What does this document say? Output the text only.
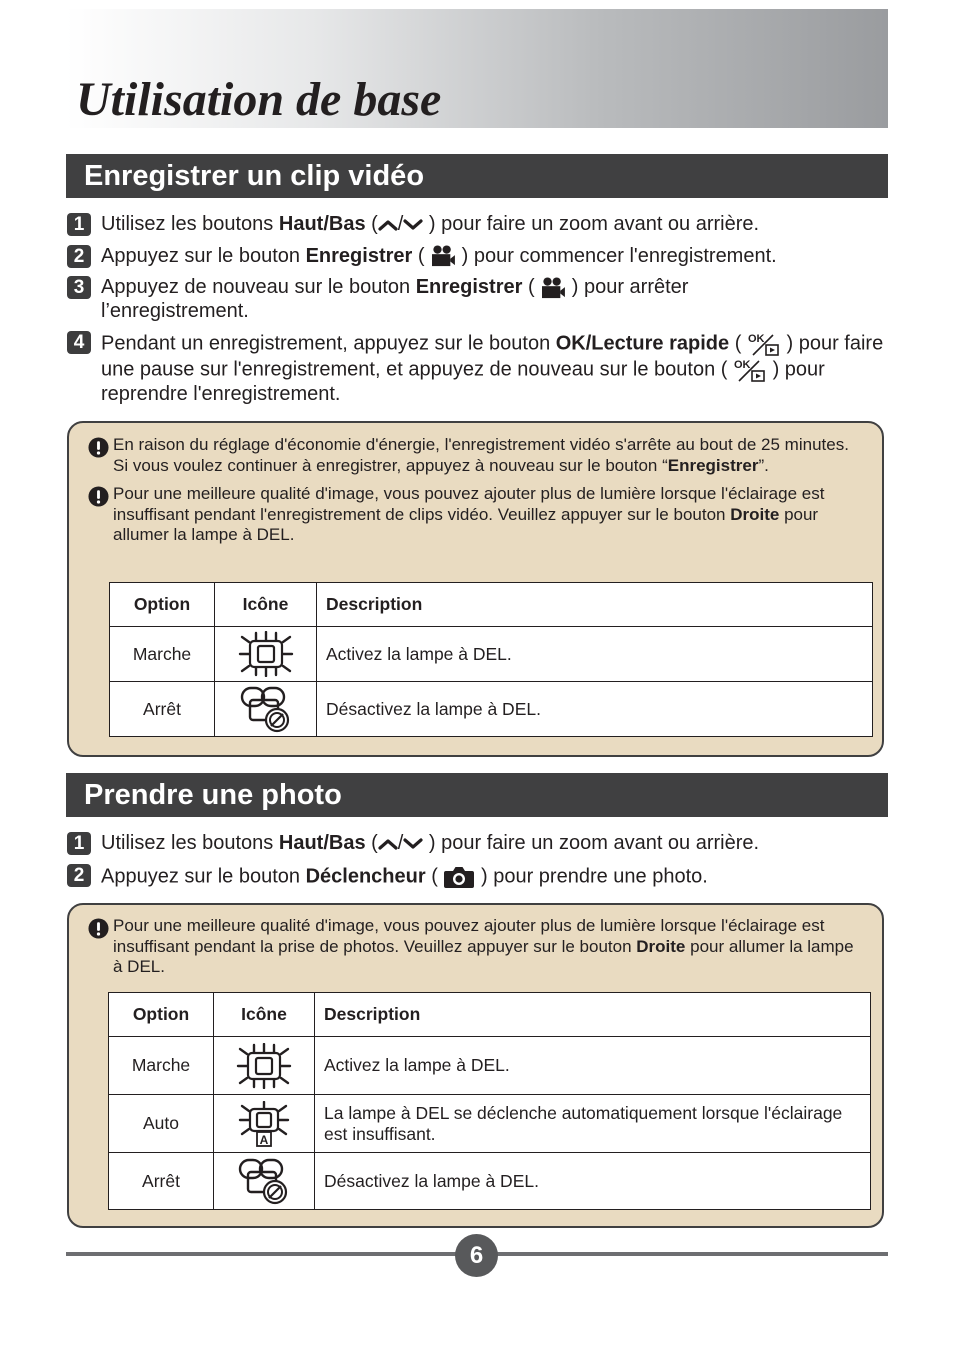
Utilisation de base
Enregistrer un clip vidéo
1 Utilisez les boutons Haut/Bas ( / ) pour faire un zoom avant ou arrière.
2 Appuyez sur le bouton Enregistrer ( ) pour commencer l'enregistrement.
3 Appuyez de nouveau sur le bouton Enregistrer ( ) pour arrêter l’enregistrement.
4 Pendant un enregistrement, appuyez sur le bouton OK/Lecture rapide ( ) pour faire une pause sur l'enregistrement, et appuyez de nouveau sur le bouton ( ) pour reprendre l'enregistrement.
En raison du réglage d'économie d'énergie, l'enregistrement vidéo s'arrête au bout de 25 minutes. Si vous voulez continuer à enregistrer, appuyez à nouveau sur le bouton “Enregistrer”.
Pour une meilleure qualité d'image, vous pouvez ajouter plus de lumière lorsque l'éclairage est insuffisant pendant l'enregistrement de clips vidéo. Veuillez appuyer sur le bouton Droite pour allumer la lampe à DEL.
Option	Icône	Description
Marche		Activez la lampe à DEL.
Arrêt		Désactivez la lampe à DEL.
Prendre une photo
1 Utilisez les boutons Haut/Bas ( / ) pour faire un zoom avant ou arrière.
2 Appuyez sur le bouton Déclencheur ( ) pour prendre une photo.
Pour une meilleure qualité d'image, vous pouvez ajouter plus de lumière lorsque l'éclairage est insuffisant pendant la prise de photos. Veuillez appuyer sur le bouton Droite pour allumer la lampe à DEL.
Option	Icône	Description
Marche		Activez la lampe à DEL.
Auto		La lampe à DEL se déclenche automatiquement lorsque l'éclairage est insuffisant.
Arrêt		Désactivez la lampe à DEL.
6
